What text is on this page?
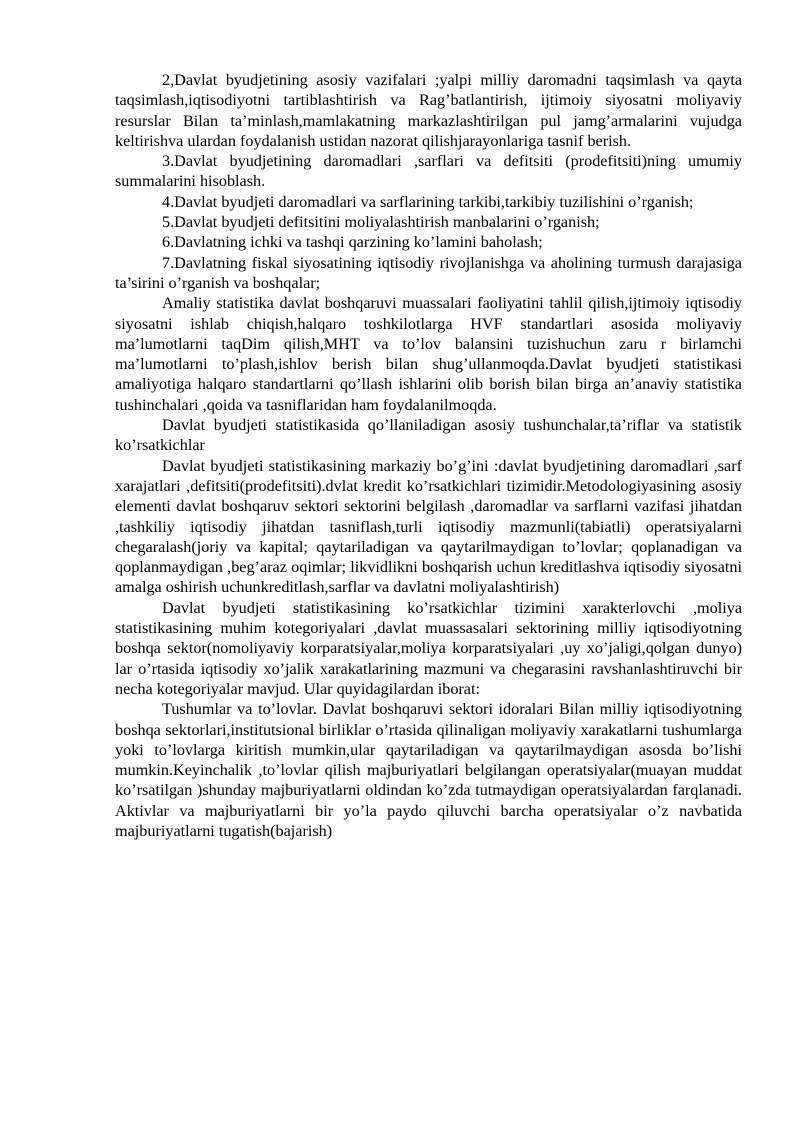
2,Davlat byudjetining asosiy vazifalari ;yalpi milliy daromadni taqsimlash va qayta taqsimlash,iqtisodiyotni tartiblashtirish va Rag’batlantirish, ijtimoiy siyosatni moliyaviy resurslar Bilan ta’minlash,mamlakatning markazlashtirilgan pul jamg’armalarini vujudga keltirishva ulardan foydalanish ustidan nazorat qilishjarayonlariga tasnif berish.

3.Davlat byudjetining daromadlari ,sarflari va defitsiti (prodefitsiti)ning umumiy summalarini hisoblash.

4.Davlat byudjeti daromadlari va sarflarining tarkibi,tarkibiy tuzilishini o’rganish;

5.Davlat byudjeti defitsitini moliyalashtirish manbalarini o’rganish;

6.Davlatning ichki va tashqi qarzining ko’lamini baholash;

7.Davlatning fiskal siyosatining iqtisodiy rivojlanishga va aholining turmush darajasiga ta’sirini o’rganish va boshqalar;

Amaliy statistika davlat boshqaruvi muassalari faoliyatini tahlil qilish,ijtimoiy iqtisodiy siyosatni ishlab chiqish,halqaro toshkilotlarga HVF standartlari asosida moliyaviy ma’lumotlarni taqDim qilish,MHT va to’lov balansini tuzishuchun zaru r birlamchi ma’lumotlarni to’plash,ishlov berish bilan shug’ullanmoqda.Davlat byudjeti statistikasi amaliyotiga halqaro standartlarni qo’llash ishlarini olib borish bilan birga an’anaviy statistika tushinchalari ,qoida va tasniflaridan ham foydalanilmoqda.

Davlat byudjeti statistikasida qo’llaniladigan asosiy tushunchalar,ta’riflar va statistik ko’rsatkichlar

Davlat byudjeti statistikasining markaziy bo’g’ini :davlat byudjetining daromadlari ,sarf xarajatlari ,defitsiti(prodefitsiti).dvlat kredit ko’rsatkichlari tizimidir.Metodologiyasining asosiy elementi davlat boshqaruv sektori sektorini belgilash ,daromadlar va sarflarni vazifasi jihatdan ,tashkiliy iqtisodiy jihatdan tasniflash,turli iqtisodiy mazmunli(tabiatli) operatsiyalarni chegaralash(joriy va kapital; qaytariladigan va qaytarilmaydigan to’lovlar; qoplanadigan va qoplanmaydigan ,beg’araz oqimlar; likvidlikni boshqarish uchun kreditlashva iqtisodiy siyosatni amalga oshirish uchunkreditlash,sarflar va davlatni moliyalashtirish)

Davlat byudjeti statistikasining ko’rsatkichlar tizimini xarakterlovchi ,moliya statistikasining muhim kotegoriyalari ,davlat muassasalari sektorining milliy iqtisodiyotning boshqa sektor(nomoliyaviy korparatsiyalar,moliya korparatsiyalari ,uy xo’jaligi,qolgan dunyo) lar o’rtasida iqtisodiy xo’jalik xarakatlarining mazmuni va chegarasini ravshanlashtiruvchi bir necha kotegoriyalar mavjud. Ular quyidagilardan iborat:

Tushumlar va to’lovlar. Davlat boshqaruvi sektori idoralari Bilan milliy iqtisodiyotning boshqa sektorlari,institutsional birliklar o’rtasida qilinaligan moliyaviy xarakatlarni tushumlarga yoki to’lovlarga kiritish mumkin,ular qaytariladigan va qaytarilmaydigan asosda bo’lishi mumkin.Keyinchalik ,to’lovlar qilish majburiyatlari belgilangan operatsiyalar(muayan muddat ko’rsatilgan )shunday majburiyatlarni oldindan ko’zda tutmaydigan operatsiyalardan farqlanadi. Aktivlar va majburiyatlarni bir yo’la paydo qiluvchi barcha operatsiyalar o’z navbatida majburiyatlarni tugatish(bajarish)
